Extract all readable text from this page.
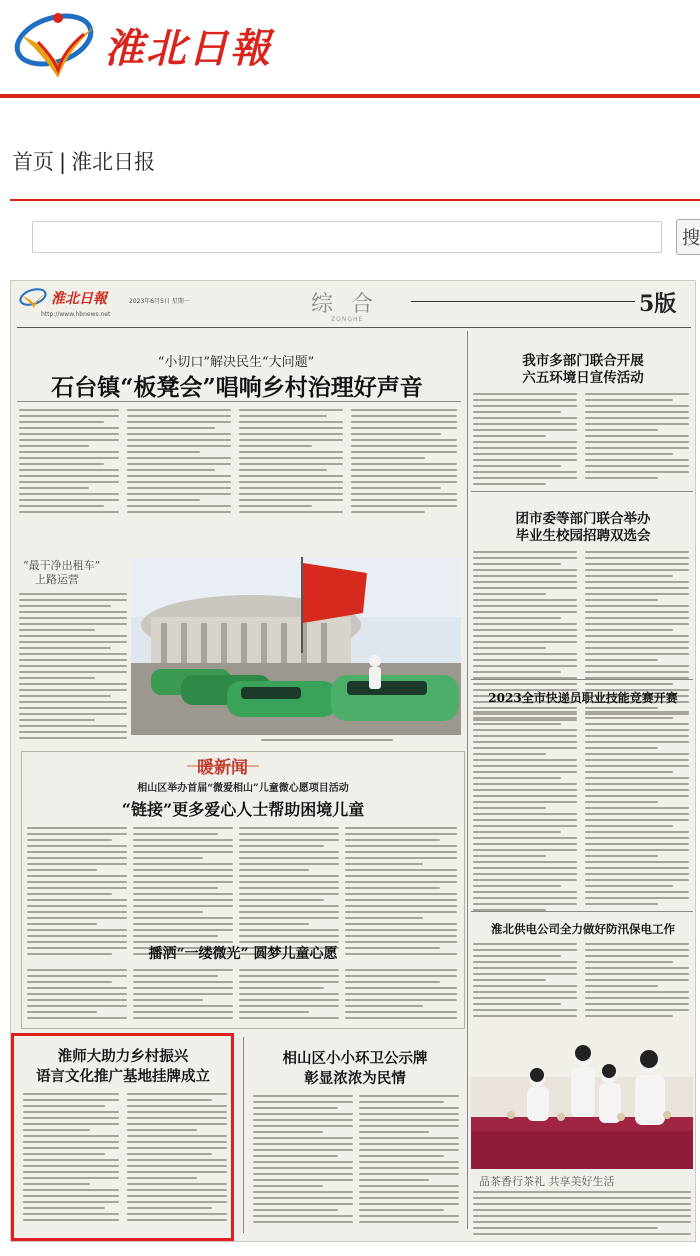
淮北日報
首页 | 淮北日报
搜
淮北日報
http://www.hbnews.net
2023年6月5日 星期一	综合
ZONGHE
5版
“小切口”解决民生“大问题”
石台镇“板凳会”唱响乡村治理好声音
“最干净出租车”
上路运营
我市多部门联合开展
六五环境日宣传活动
团市委等部门联合举办
毕业生校园招聘双选会
2023全市快递员职业技能竞赛开赛
淮北供电公司全力做好防汛保电工作
品茶香行茶礼 共享美好生活
暖新闻
相山区举办首届“微爱相山”儿童微心愿项目活动
“链接”更多爱心人士帮助困境儿童
播洒“一缕微光” 圆梦儿童心愿
淮师大助力乡村振兴
语言文化推广基地挂牌成立
相山区小小环卫公示牌
彰显浓浓为民情
